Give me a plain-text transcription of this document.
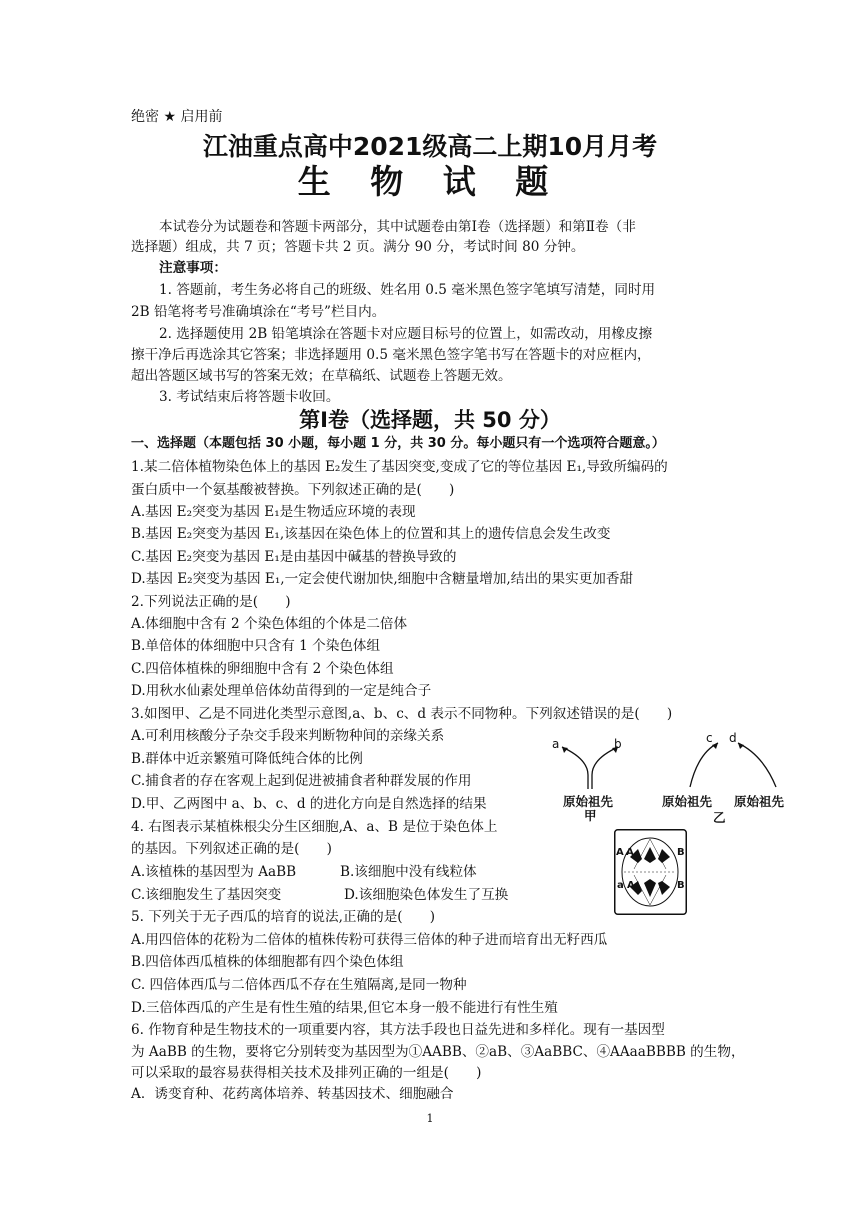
绝密 ★ 启用前
江油重点高中2021级高二上期10月月考
生 物 试 题
本试卷分为试题卷和答题卡两部分，其中试题卷由第Ⅰ卷（选择题）和第Ⅱ卷（非
选择题）组成，共 7 页；答题卡共 2 页。满分 90 分，考试时间 80 分钟。
注意事项：
1. 答题前，考生务必将自己的班级、姓名用 0.5 毫米黑色签字笔填写清楚，同时用
2B 铅笔将考号准确填涂在“考号”栏目内。
2. 选择题使用 2B 铅笔填涂在答题卡对应题目标号的位置上，如需改动，用橡皮擦
擦干净后再选涂其它答案；非选择题用 0.5 毫米黑色签字笔书写在答题卡的对应框内，
超出答题区域书写的答案无效；在草稿纸、试题卷上答题无效。
3. 考试结束后将答题卡收回。
第Ⅰ卷（选择题，共 50 分）
一、选择题（本题包括 30 小题，每小题 1 分，共 30 分。每小题只有一个选项符合题意。）
1.某二倍体植物染色体上的基因 E₂发生了基因突变,变成了它的等位基因 E₁,导致所编码的
蛋白质中一个氨基酸被替换。下列叙述正确的是(　　)
A.基因 E₂突变为基因 E₁是生物适应环境的表现
B.基因 E₂突变为基因 E₁,该基因在染色体上的位置和其上的遗传信息会发生改变
C.基因 E₂突变为基因 E₁是由基因中碱基的替换导致的
D.基因 E₂突变为基因 E₁,一定会使代谢加快,细胞中含糖量增加,结出的果实更加香甜
2.下列说法正确的是(　　)
A.体细胞中含有 2 个染色体组的个体是二倍体
B.单倍体的体细胞中只含有 1 个染色体组
C.四倍体植株的卵细胞中含有 2 个染色体组
D.用秋水仙素处理单倍体幼苗得到的一定是纯合子
3.如图甲、乙是不同进化类型示意图,a、b、c、d 表示不同物种。下列叙述错误的是(　　)
A.可利用核酸分子杂交手段来判断物种间的亲缘关系
B.群体中近亲繁殖可降低纯合体的比例
C.捕食者的存在客观上起到促进被捕食者种群发展的作用
D.甲、乙两图中 a、b、c、d 的进化方向是自然选择的结果
a	b	c d
原始祖先
甲
原始祖先 原始祖先
乙
4. 右图表示某植株根尖分生区细胞,A、a、B 是位于染色体上
的基因。下列叙述正确的是(　　)
A.该植株的基因型为 AaBB	B.该细胞中没有线粒体
C.该细胞发生了基因突变	D.该细胞染色体发生了互换
A A	B
a A	B
5. 下列关于无子西瓜的培育的说法,正确的是(　　)
A.用四倍体的花粉为二倍体的植株传粉可获得三倍体的种子进而培育出无籽西瓜
B.四倍体西瓜植株的体细胞都有四个染色体组
C. 四倍体西瓜与二倍体西瓜不存在生殖隔离,是同一物种
D.三倍体西瓜的产生是有性生殖的结果,但它本身一般不能进行有性生殖
6. 作物育种是生物技术的一项重要内容，其方法手段也日益先进和多样化。现有一基因型
为 AaBB 的生物，要将它分别转变为基因型为①AABB、②aB、③AaBBC、④AAaaBBBB 的生物，
可以采取的最容易获得相关技术及排列正确的一组是(　　)
A．诱变育种、花药离体培养、转基因技术、细胞融合
1
